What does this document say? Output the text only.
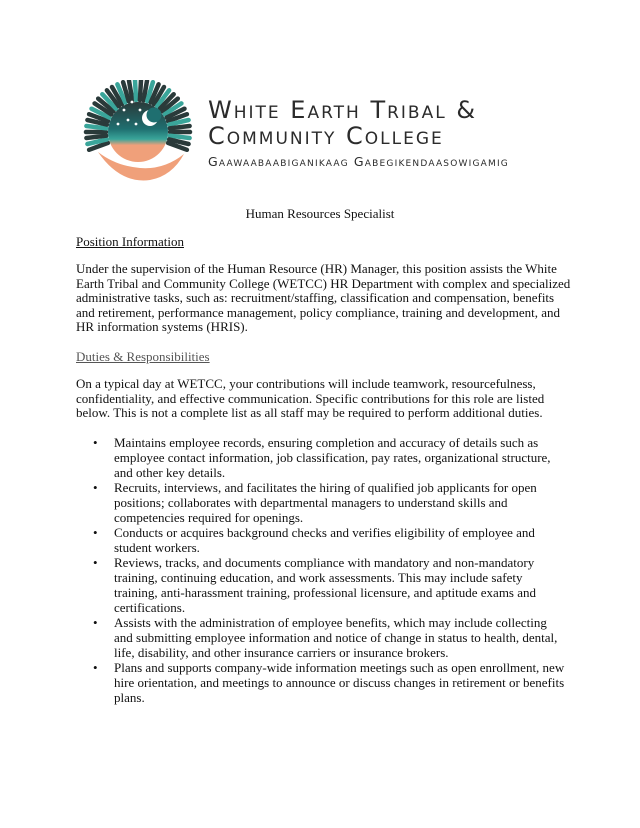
White Earth Tribal &
Community College
Gaawaabaabiganikaag Gabegikendaasowigamig
Human Resources Specialist
Position Information

Under the supervision of the Human Resource (HR) Manager, this position assists the White Earth Tribal and Community College (WETCC) HR Department with complex and specialized administrative tasks, such as: recruitment/staffing, classification and compensation, benefits and retirement, performance management, policy compliance, training and development, and HR information systems (HRIS).

Duties & Responsibilities

On a typical day at WETCC, your contributions will include teamwork, resourcefulness, confidentiality, and effective communication. Specific contributions for this role are listed below. This is not a complete list as all staff may be required to perform additional duties.

• Maintains employee records, ensuring completion and accuracy of details such as employee contact information, job classification, pay rates, organizational structure, and other key details.
• Recruits, interviews, and facilitates the hiring of qualified job applicants for open positions; collaborates with departmental managers to understand skills and competencies required for openings.
• Conducts or acquires background checks and verifies eligibility of employee and student workers.
• Reviews, tracks, and documents compliance with mandatory and non-mandatory training, continuing education, and work assessments. This may include safety training, anti-harassment training, professional licensure, and aptitude exams and certifications.
• Assists with the administration of employee benefits, which may include collecting and submitting employee information and notice of change in status to health, dental, life, disability, and other insurance carriers or insurance brokers.
• Plans and supports company-wide information meetings such as open enrollment, new hire orientation, and meetings to announce or discuss changes in retirement or benefits plans.
